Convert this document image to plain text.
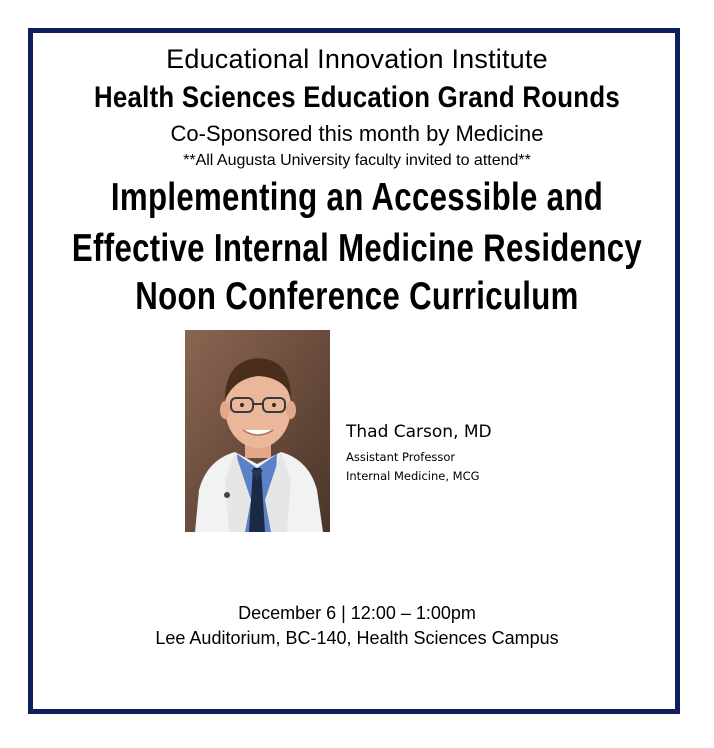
Educational Innovation Institute
Health Sciences Education Grand Rounds
Co-Sponsored this month by Medicine
**All Augusta University faculty invited to attend**
Implementing an Accessible and
Effective Internal Medicine Residency
Noon Conference Curriculum
Thad Carson, MD
Assistant Professor
Internal Medicine, MCG
December 6 | 12:00 – 1:00pm
Lee Auditorium, BC-140, Health Sciences Campus
